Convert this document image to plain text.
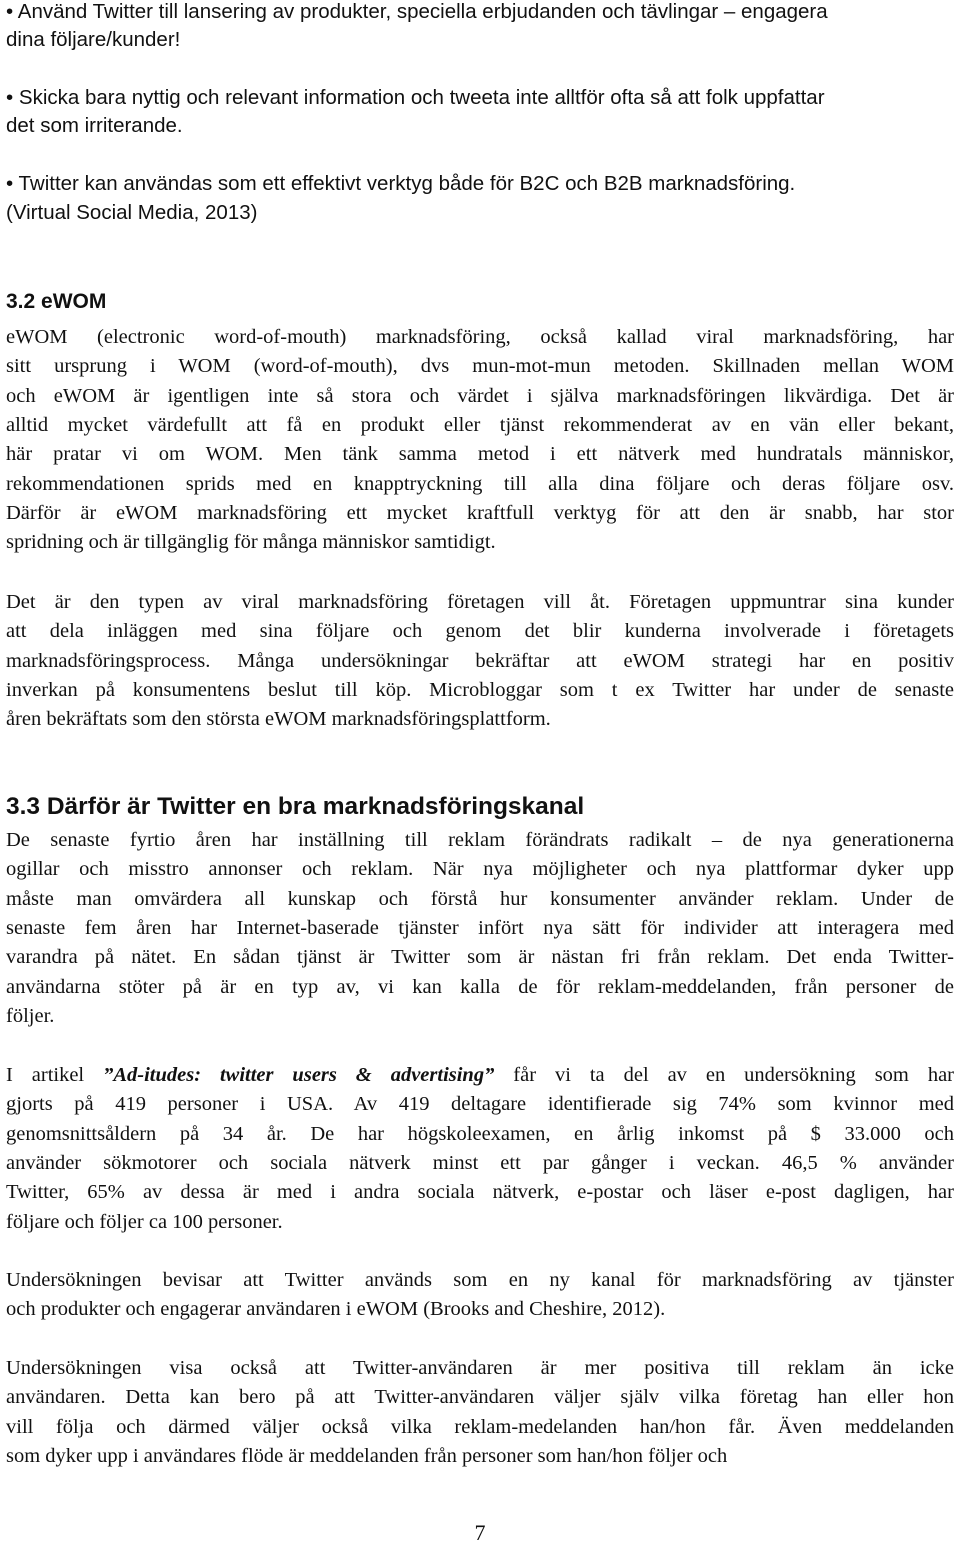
• Använd Twitter till lansering av produkter, speciella erbjudanden och tävlingar – engagera
dina följare/kunder!
• Skicka bara nyttig och relevant information och tweeta inte alltför ofta så att folk uppfattar
det som irriterande.
• Twitter kan användas som ett effektivt verktyg både för B2C och B2B marknadsföring.
(Virtual Social Media, 2013)
3.2 eWOM
eWOM (electronic word-of-mouth) marknadsföring, också kallad viral marknadsföring, har
sitt ursprung i WOM (word-of-mouth), dvs mun-mot-mun metoden. Skillnaden mellan WOM
och eWOM är igentligen inte så stora och värdet i själva marknadsföringen likvärdiga. Det är
alltid mycket värdefullt att få en produkt eller tjänst rekommenderat av en vän eller bekant,
här pratar vi om WOM. Men tänk samma metod i ett nätverk med hundratals människor,
rekommendationen sprids med en knapptryckning till alla dina följare och deras följare osv.
Därför är eWOM marknadsföring ett mycket kraftfull verktyg för att den är snabb, har stor
spridning och är tillgänglig för många människor samtidigt.
Det är den typen av viral marknadsföring företagen vill åt. Företagen uppmuntrar sina kunder
att dela inläggen med sina följare och genom det blir kunderna involverade i företagets
marknadsföringsprocess. Många undersökningar bekräftar att eWOM strategi har en positiv
inverkan på konsumentens beslut till köp. Microbloggar som t ex Twitter har under de senaste
åren bekräftats som den största eWOM marknadsföringsplattform.
3.3 Därför är Twitter en bra marknadsföringskanal
De senaste fyrtio åren har inställning till reklam förändrats radikalt – de nya generationerna
ogillar och misstro annonser och reklam. När nya möjligheter och nya plattformar dyker upp
måste man omvärdera all kunskap och förstå hur konsumenter använder reklam. Under de
senaste fem åren har Internet-baserade tjänster infört nya sätt för individer att interagera med
varandra på nätet. En sådan tjänst är Twitter som är nästan fri från reklam. Det enda Twitter-
användarna stöter på är en typ av, vi kan kalla de för reklam-meddelanden, från personer de
följer.
I artikel ”Ad-itudes: twitter users & advertising” får vi ta del av en undersökning som har
gjorts på 419 personer i USA. Av 419 deltagare identifierade sig 74% som kvinnor med
genomsnittsåldern på 34 år. De har högskoleexamen, en årlig inkomst på $ 33.000 och
använder sökmotorer och sociala nätverk minst ett par gånger i veckan. 46,5 % använder
Twitter, 65% av dessa är med i andra sociala nätverk, e-postar och läser e-post dagligen, har
följare och följer ca 100 personer.
Undersökningen bevisar att Twitter används som en ny kanal för marknadsföring av tjänster
och produkter och engagerar användaren i eWOM (Brooks and Cheshire, 2012).
Undersökningen visa också att Twitter-användaren är mer positiva till reklam än icke
användaren. Detta kan bero på att Twitter-användaren väljer själv vilka företag han eller hon
vill följa och därmed väljer också vilka reklam-medelanden han/hon får. Även meddelanden
som dyker upp i användares flöde är meddelanden från personer som han/hon följer och
7
